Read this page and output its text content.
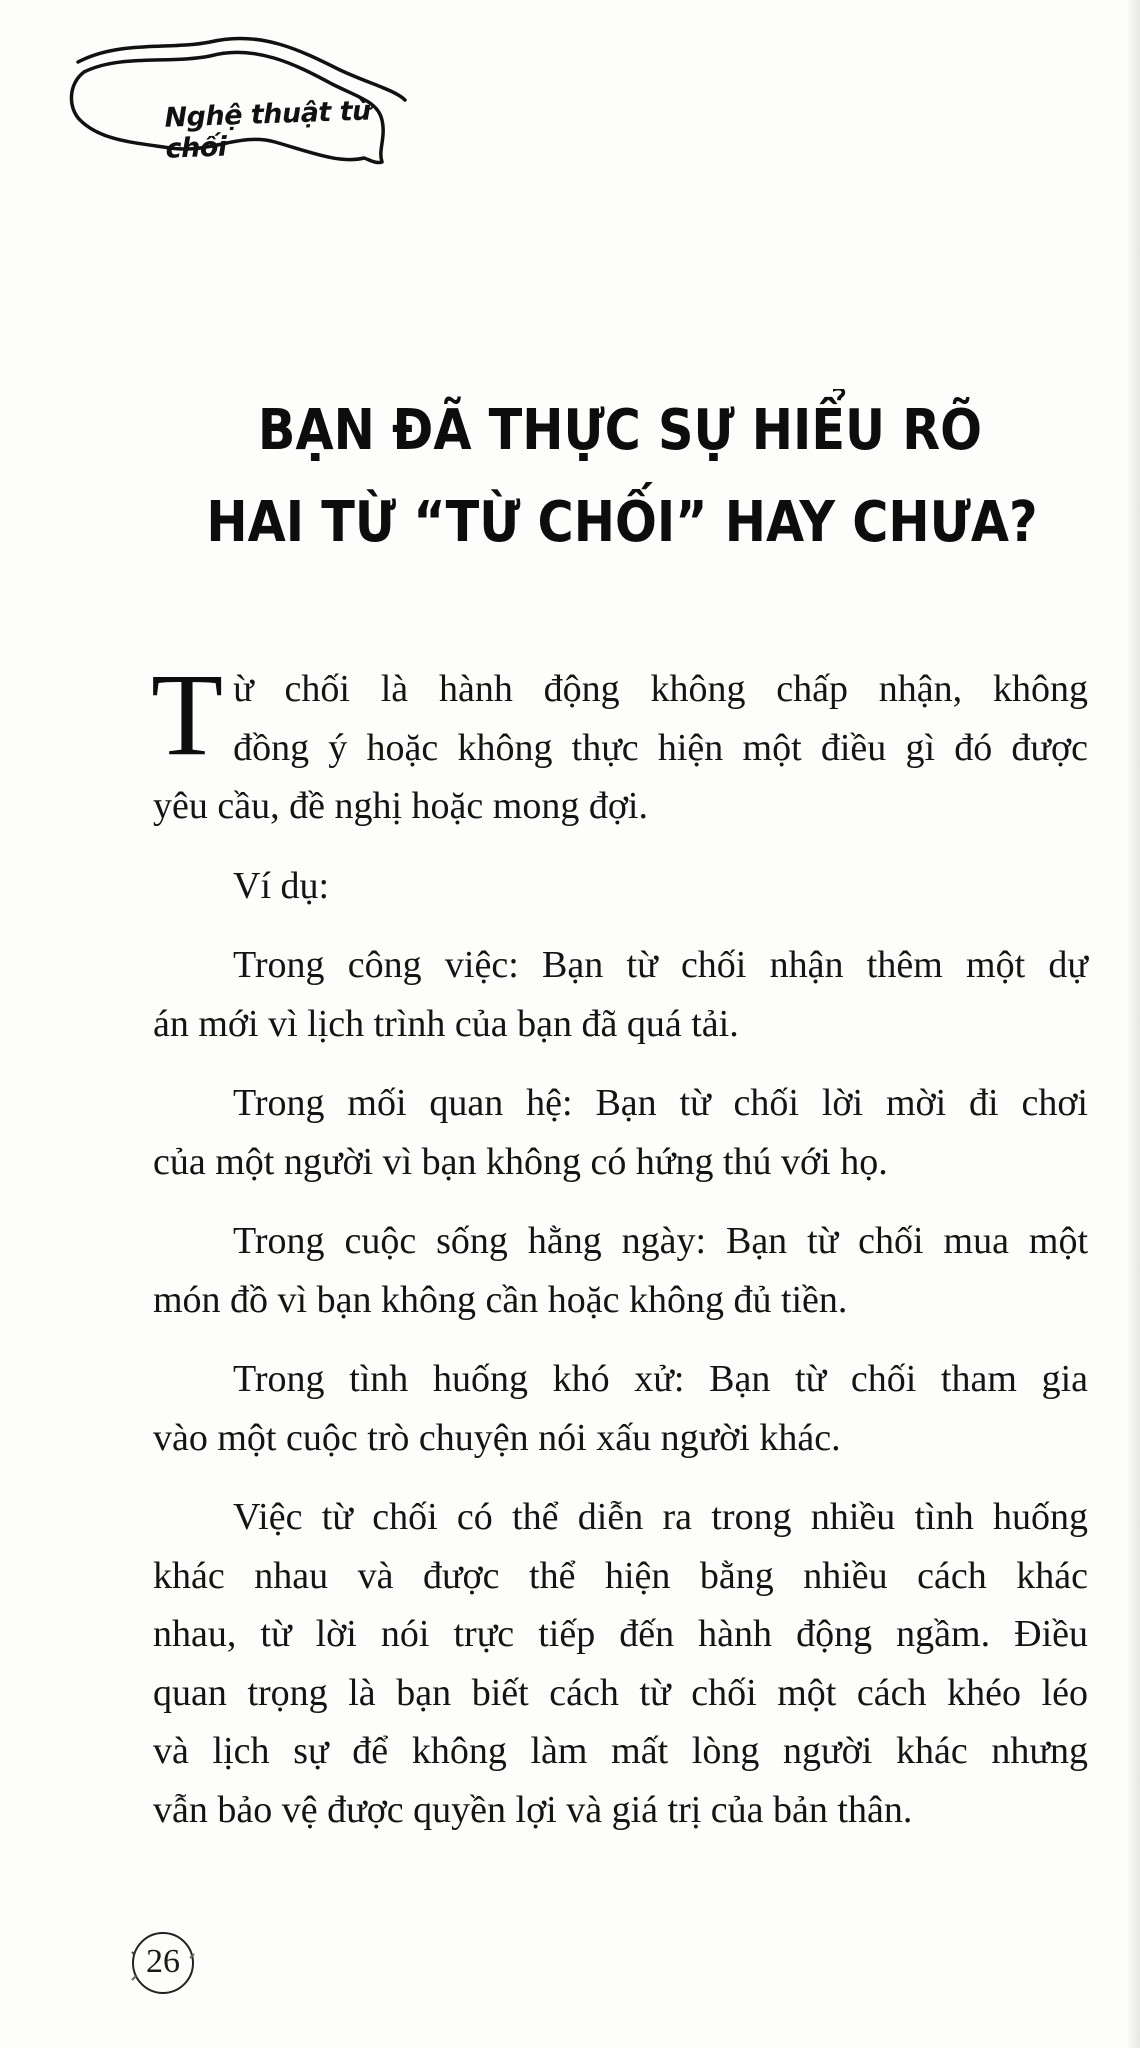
Nghệ thuật từ chối
BẠN ĐÃ THỰC SỰ HIỂU RÕ
HAI TỪ “TỪ CHỐI” HAY CHƯA?
T ừ chối là hành động không chấp nhận, không
đồng ý hoặc không thực hiện một điều gì đó được
yêu cầu, đề nghị hoặc mong đợi.
Ví dụ:
Trong công việc: Bạn từ chối nhận thêm một dự
án mới vì lịch trình của bạn đã quá tải.
Trong mối quan hệ: Bạn từ chối lời mời đi chơi
của một người vì bạn không có hứng thú với họ.
Trong cuộc sống hằng ngày: Bạn từ chối mua một
món đồ vì bạn không cần hoặc không đủ tiền.
Trong tình huống khó xử: Bạn từ chối tham gia
vào một cuộc trò chuyện nói xấu người khác.
Việc từ chối có thể diễn ra trong nhiều tình huống
khác nhau và được thể hiện bằng nhiều cách khác
nhau, từ lời nói trực tiếp đến hành động ngầm. Điều
quan trọng là bạn biết cách từ chối một cách khéo léo
và lịch sự để không làm mất lòng người khác nhưng
vẫn bảo vệ được quyền lợi và giá trị của bản thân.
26
